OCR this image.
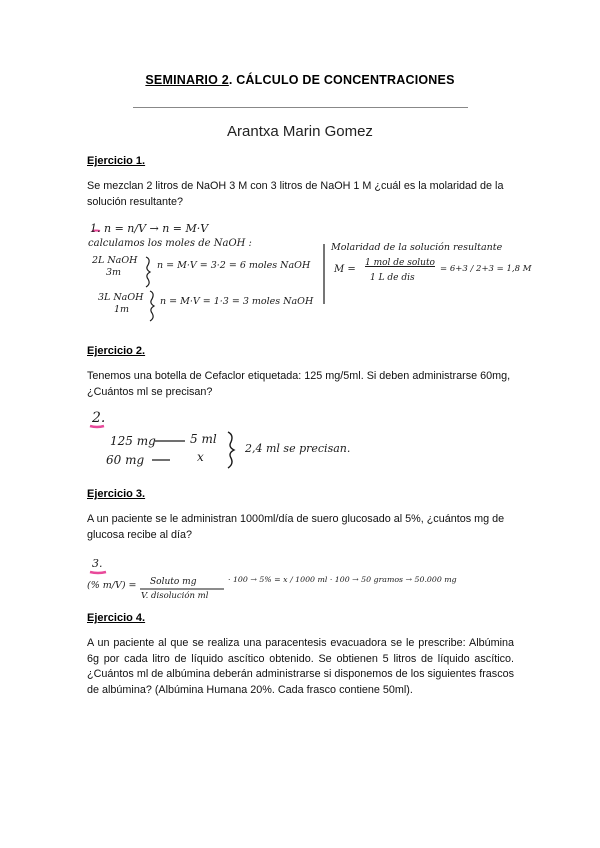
SEMINARIO 2. CÁLCULO DE CONCENTRACIONES
Arantxa Marin Gomez
Ejercicio 1.
Se mezclan 2 litros de NaOH 3 M con 3 litros de NaOH 1 M ¿cuál es la molaridad de la solución resultante?
1. n = n/V → n = M·V
calculamos los moles de NaOH :
2L NaOH
3m
n = M·V = 3·2 = 6 moles NaOH
3L NaOH
1m
n = M·V = 1·3 = 3 moles NaOH
Molaridad de la solución resultante
M =
1 mol de soluto
1 L de dis
= 6+3 / 2+3 = 1,8 M
Ejercicio 2.
Tenemos una botella de Cefaclor etiquetada: 125 mg/5ml. Si deben administrarse 60mg, ¿Cuántos ml se precisan?
2.
125 mg	5 ml
60 mg	x
2,4 ml se precisan.
Ejercicio 3.
A un paciente se le administran 1000ml/día de suero glucosado al 5%, ¿cuántos mg de glucosa recibe al día?
3.
(% m/V) = Soluto mg
V. disolución ml
· 100 → 5% = x / 1000 ml · 100 → 50 gramos → 50.000 mg
Ejercicio 4.
A un paciente al que se realiza una paracentesis evacuadora se le prescribe: Albúmina 6g por cada litro de líquido ascítico obtenido. Se obtienen 5 litros de líquido ascítico. ¿Cuántos ml de albúmina deberán administrarse si disponemos de los siguientes frascos de albúmina? (Albúmina Humana 20%. Cada frasco contiene 50ml).
